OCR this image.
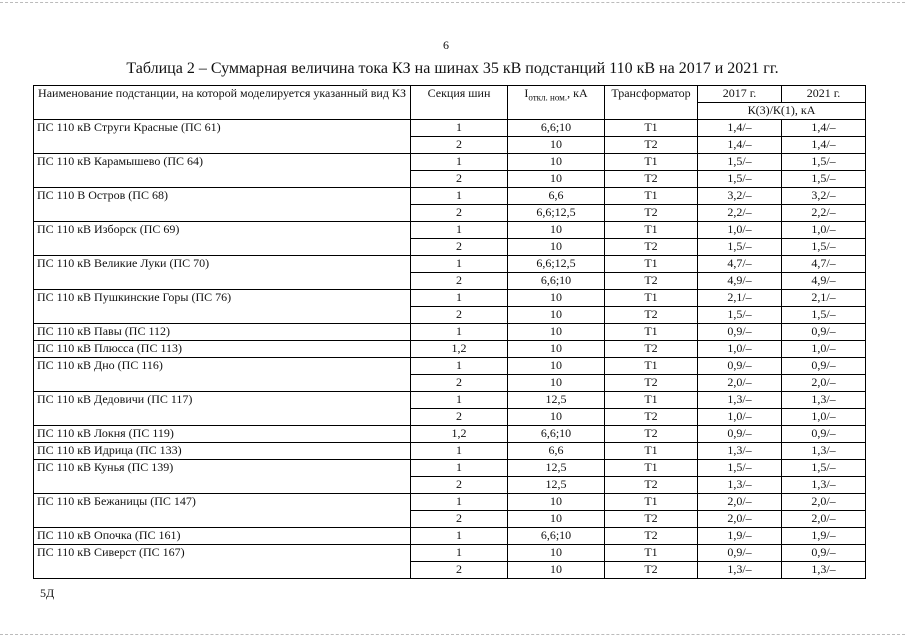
6
Таблица 2 – Суммарная величина тока КЗ на шинах 35 кВ подстанций 110 кВ на 2017 и 2021 гг.
Наименование подстанции, на которой моделируется указанный вид КЗ	Секция шин	$I_{откл. ном.}$, кА	Трансформатор	2017 г.	2021 г.
				К(3)/К(1), кА	
ПС 110 кВ Струги Красные (ПС 61)	1	6,6;10	Т1	1,4/–	1,4/–
	2	10	Т2	1,4/–	1,4/–
ПС 110 кВ Карамышево (ПС 64)	1	10	Т1	1,5/–	1,5/–
	2	10	Т2	1,5/–	1,5/–
ПС 110 В Остров (ПС 68)	1	6,6	Т1	3,2/–	3,2/–
	2	6,6;12,5	Т2	2,2/–	2,2/–
ПС 110 кВ Изборск (ПС 69)	1	10	Т1	1,0/–	1,0/–
	2	10	Т2	1,5/–	1,5/–
ПС 110 кВ Великие Луки (ПС 70)	1	6,6;12,5	Т1	4,7/–	4,7/–
	2	6,6;10	Т2	4,9/–	4,9/–
ПС 110 кВ Пушкинские Горы (ПС 76)	1	10	Т1	2,1/–	2,1/–
	2	10	Т2	1,5/–	1,5/–
ПС 110 кВ Павы (ПС 112)	1	10	Т1	0,9/–	0,9/–
ПС 110 кВ Плюсса (ПС 113)	1,2	10	Т2	1,0/–	1,0/–
ПС 110 кВ Дно (ПС 116)	1	10	Т1	0,9/–	0,9/–
	2	10	Т2	2,0/–	2,0/–
ПС 110 кВ Дедовичи (ПС 117)	1	12,5	Т1	1,3/–	1,3/–
	2	10	Т2	1,0/–	1,0/–
ПС 110 кВ Локня (ПС 119)	1,2	6,6;10	Т2	0,9/–	0,9/–
ПС 110 кВ Идрица (ПС 133)	1	6,6	Т1	1,3/–	1,3/–
ПС 110 кВ Кунья (ПС 139)	1	12,5	Т1	1,5/–	1,5/–
	2	12,5	Т2	1,3/–	1,3/–
ПС 110 кВ Бежаницы (ПС 147)	1	10	Т1	2,0/–	2,0/–
	2	10	Т2	2,0/–	2,0/–
ПС 110 кВ Опочка (ПС 161)	1	6,6;10	Т2	1,9/–	1,9/–
ПС 110 кВ Сиверст (ПС 167)	1	10	Т1	0,9/–	0,9/–
	2	10	Т2	1,3/–	1,3/–
5Д
